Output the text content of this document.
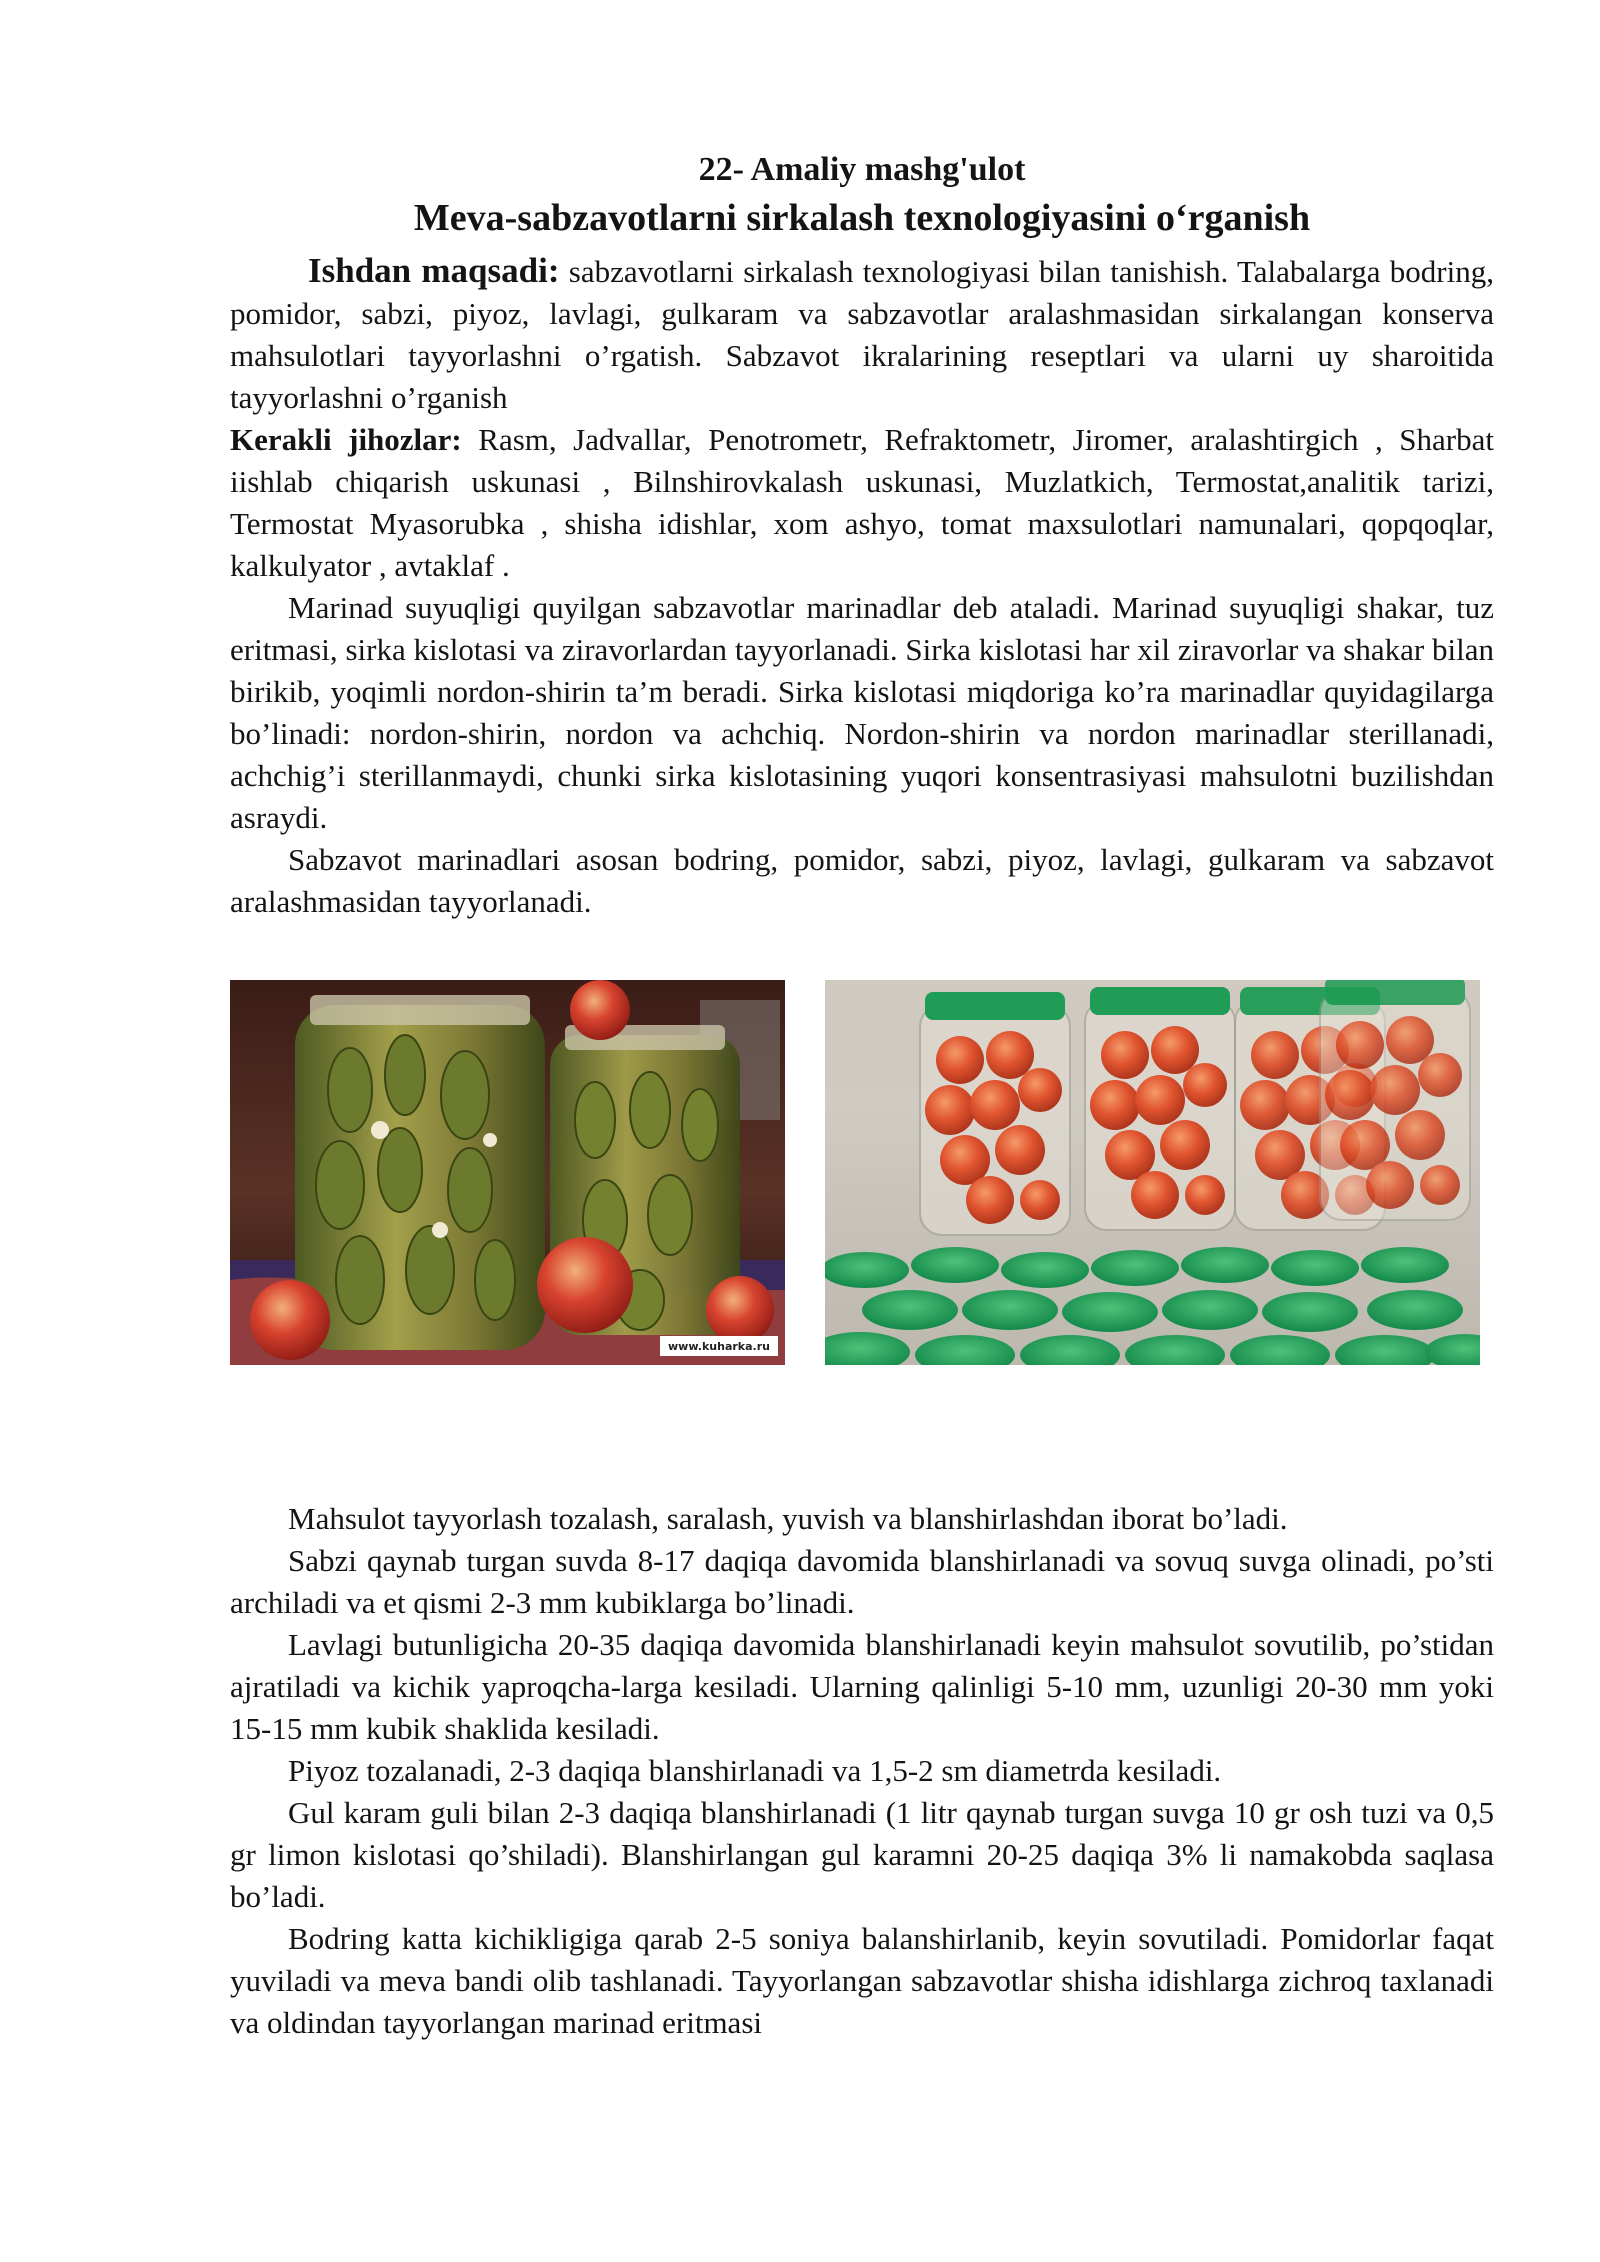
22- Amaliy mashg'ulot
Meva-sabzavotlarni sirkalash texnologiyasini o‘rganish

Ishdan maqsadi: sabzavotlarni sirkalash texnologiyasi bilan tanishish. Talabalarga bodring, pomidor, sabzi, piyoz, lavlagi, gulkaram va sabzavotlar aralashmasidan sirkalangan konserva mahsulotlari tayyorlashni o’rgatish. Sabzavot ikralarining reseptlari va ularni uy sharoitida tayyorlashni o’rganish

Kerakli jihozlar: Rasm, Jadvallar, Penotrometr, Refraktometr, Jiromer, aralashtirgich , Sharbat iishlab chiqarish uskunasi , Bilnshirovkalash uskunasi, Muzlatkich, Termostat,analitik tarizi, Termostat Myasorubka , shisha idishlar, xom ashyo, tomat maxsulotlari namunalari, qopqoqlar, kalkulyator , avtaklaf .

Marinad suyuqligi quyilgan sabzavotlar marinadlar deb ataladi. Marinad suyuqligi shakar, tuz eritmasi, sirka kislotasi va ziravorlardan tayyorlanadi. Sirka kislotasi har xil ziravorlar va shakar bilan birikib, yoqimli nordon-shirin ta’m beradi. Sirka kislotasi miqdoriga ko’ra marinadlar quyidagilarga bo’linadi: nordon-shirin, nordon va achchiq. Nordon-shirin va nordon marinadlar sterillanadi, achchig’i sterillanmaydi, chunki sirka kislotasining yuqori konsentrasiyasi mahsulotni buzilishdan asraydi.

Sabzavot marinadlari asosan bodring, pomidor, sabzi, piyoz, lavlagi, gulkaram va sabzavot aralashmasidan tayyorlanadi.

www.kuharka.ru

Mahsulot tayyorlash tozalash, saralash, yuvish va blanshirlashdan iborat bo’ladi.

Sabzi qaynab turgan suvda 8-17 daqiqa davomida blanshirlanadi va sovuq suvga olinadi, po’sti archiladi va et qismi 2-3 mm kubiklarga bo’linadi.

Lavlagi butunligicha 20-35 daqiqa davomida blanshirlanadi keyin mahsulot sovutilib, po’stidan ajratiladi va kichik yaproqcha-larga kesiladi. Ularning qalinligi 5-10 mm, uzunligi 20-30 mm yoki 15-15 mm kubik shaklida kesiladi.

Piyoz tozalanadi, 2-3 daqiqa blanshirlanadi va 1,5-2 sm diametrda kesiladi.

Gul karam guli bilan 2-3 daqiqa blanshirlanadi (1 litr qaynab turgan suvga 10 gr osh tuzi va 0,5 gr limon kislotasi qo’shiladi). Blanshirlangan gul karamni 20-25 daqiqa 3% li namakobda saqlasa bo’ladi.

Bodring katta kichikligiga qarab 2-5 soniya balanshirlanib, keyin sovutiladi. Pomidorlar faqat yuviladi va meva bandi olib tashlanadi. Tayyorlangan sabzavotlar shisha idishlarga zichroq taxlanadi va oldindan tayyorlangan marinad eritmasi
